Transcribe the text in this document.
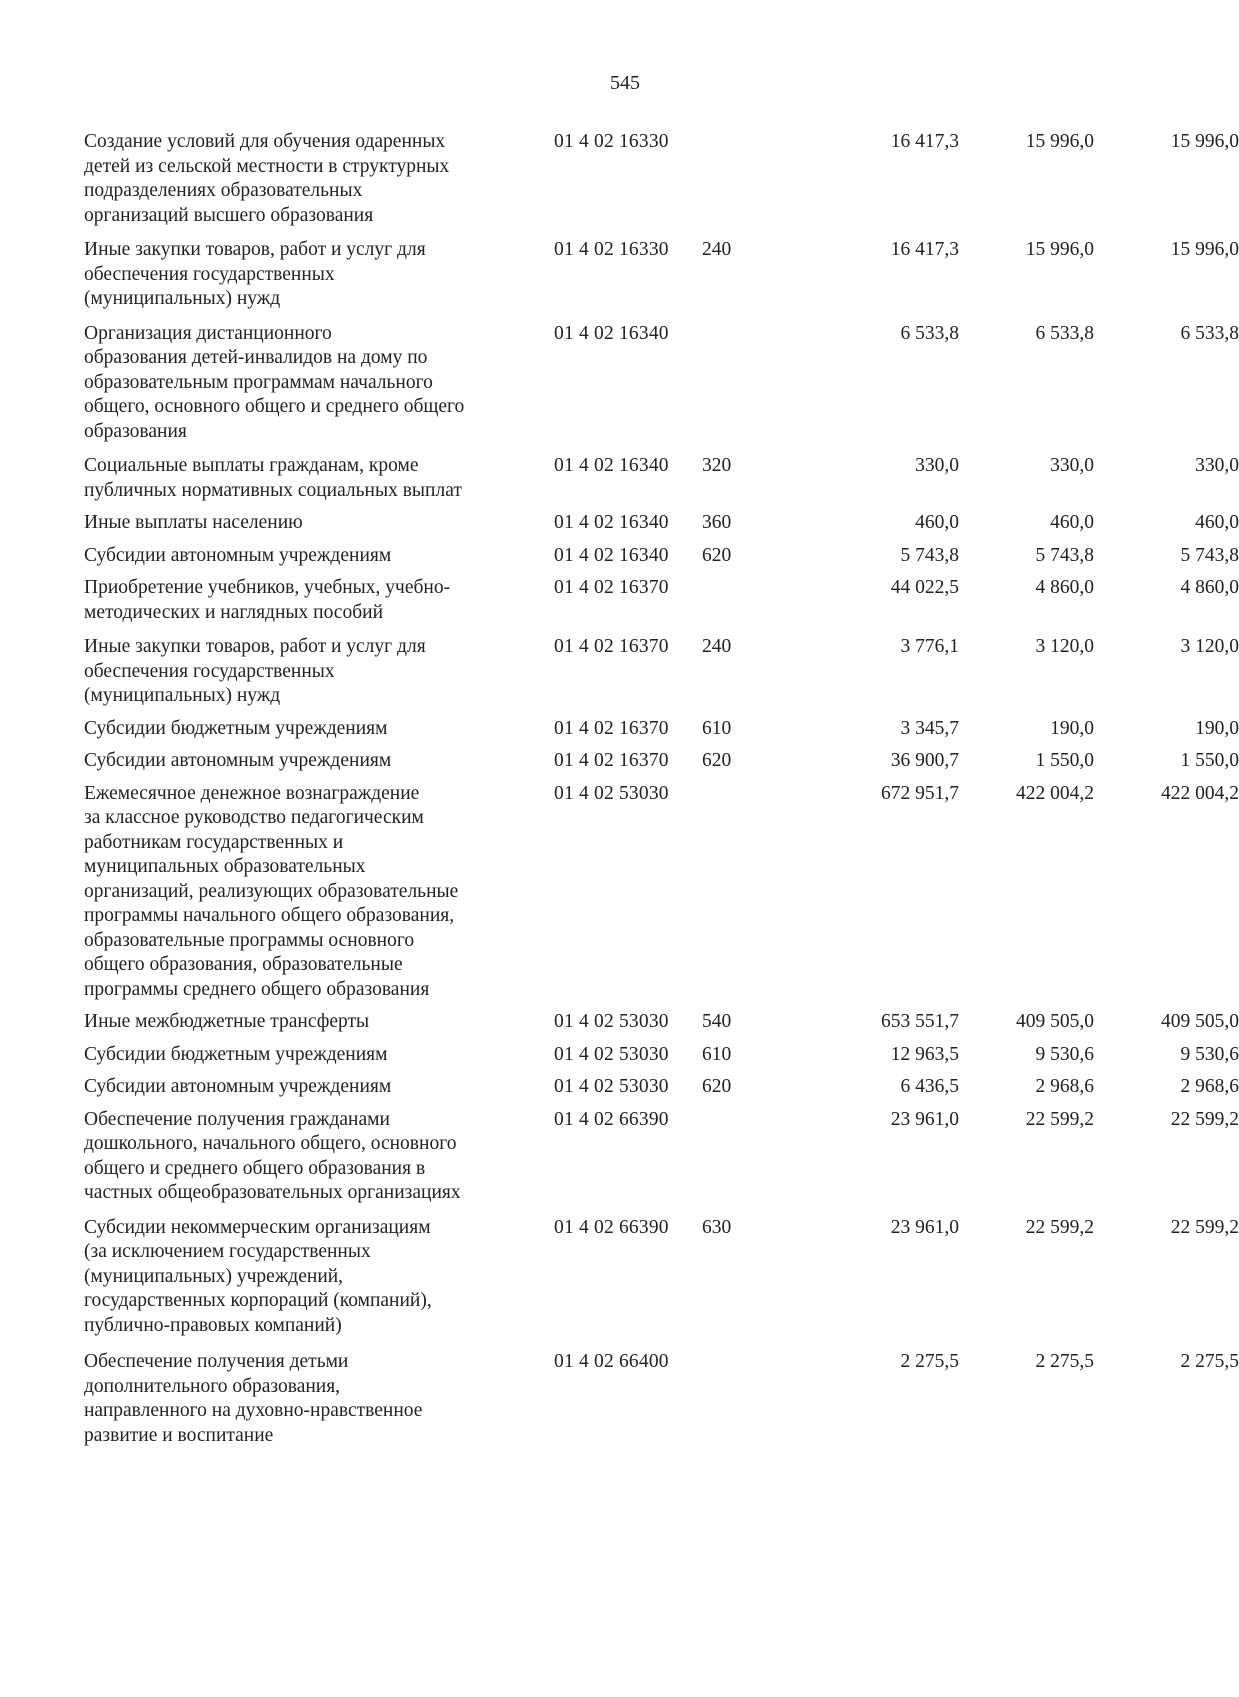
545
Создание условий для обучения одаренных
детей из сельской местности в структурных
подразделениях образовательных
организаций высшего образования
01 4 02 16330	16 417,3	15 996,0	15 996,0
Иные закупки товаров, работ и услуг для
обеспечения государственных
(муниципальных) нужд
01 4 02 16330 240	16 417,3	15 996,0	15 996,0
Организация дистанционного
образования детей-инвалидов на дому по
образовательным программам начального
общего, основного общего и среднего общего
образования
01 4 02 16340	6 533,8	6 533,8	6 533,8
Социальные выплаты гражданам, кроме
публичных нормативных социальных выплат
01 4 02 16340 320	330,0	330,0	330,0
Иные выплаты населению	01 4 02 16340 360	460,0	460,0	460,0
Субсидии автономным учреждениям	01 4 02 16340 620	5 743,8	5 743,8	5 743,8
Приобретение учебников, учебных, учебно-
методических и наглядных пособий
01 4 02 16370	44 022,5	4 860,0	4 860,0
Иные закупки товаров, работ и услуг для
обеспечения государственных
(муниципальных) нужд
01 4 02 16370 240	3 776,1	3 120,0	3 120,0
Субсидии бюджетным учреждениям	01 4 02 16370 610	3 345,7	190,0	190,0
Субсидии автономным учреждениям	01 4 02 16370 620	36 900,7	1 550,0	1 550,0
Ежемесячное денежное вознаграждение
за классное руководство педагогическим
работникам государственных и
муниципальных образовательных
организаций, реализующих образовательные
программы начального общего образования,
образовательные программы основного
общего образования, образовательные
программы среднего общего образования
01 4 02 53030	672 951,7	422 004,2	422 004,2
Иные межбюджетные трансферты	01 4 02 53030 540	653 551,7	409 505,0	409 505,0
Субсидии бюджетным учреждениям	01 4 02 53030 610	12 963,5	9 530,6	9 530,6
Субсидии автономным учреждениям	01 4 02 53030 620	6 436,5	2 968,6	2 968,6
Обеспечение получения гражданами
дошкольного, начального общего, основного
общего и среднего общего образования в
частных общеобразовательных организациях
01 4 02 66390	23 961,0	22 599,2	22 599,2
Субсидии некоммерческим организациям
(за исключением государственных
(муниципальных) учреждений,
государственных корпораций (компаний),
публично-правовых компаний)
01 4 02 66390 630	23 961,0	22 599,2	22 599,2
Обеспечение получения детьми
дополнительного образования,
направленного на духовно-нравственное
развитие и воспитание
01 4 02 66400	2 275,5	2 275,5	2 275,5
